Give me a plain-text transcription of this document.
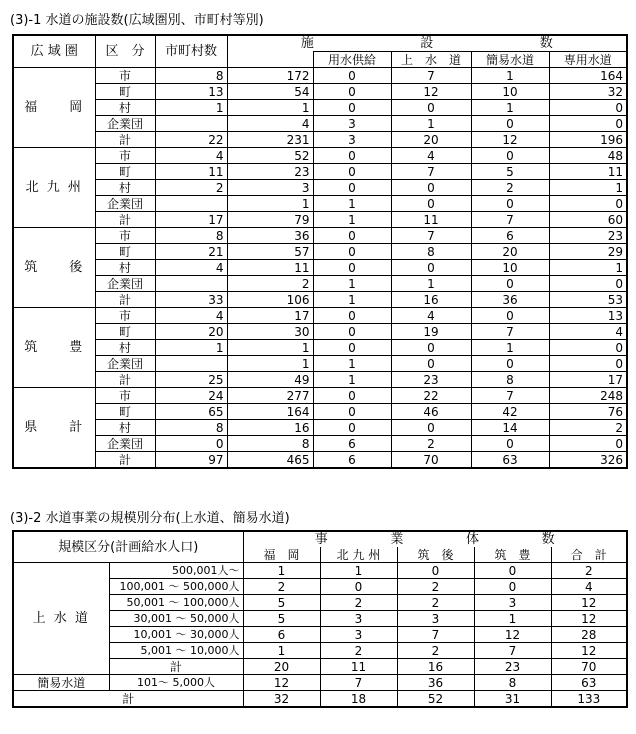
(3)-1 水道の施設数(広域圏別、市町村等別)
広 域 圏	区　分	市町村数	施 設 数				

				用水供給	上　水　道	簡易水道	専用水道
福　　岡	市	8	172	0	7	1	164
	町	13	54	0	12	10	32
	村	1	1	0	0	1	0
	企業団		4	3	1	0	0
	計	22	231	3	20	12	196
北 九 州	市	4	52	0	4	0	48
	町	11	23	0	7	5	11
	村	2	3	0	0	2	1
	企業団		1	1	0	0	0
	計	17	79	1	11	7	60
筑　　後	市	8	36	0	7	6	23
	町	21	57	0	8	20	29
	村	4	11	0	0	10	1
	企業団		2	1	1	0	0
	計	33	106	1	16	36	53
筑　　豊	市	4	17	0	4	0	13
	町	20	30	0	19	7	4
	村	1	1	0	0	1	0
	企業団		1	1	0	0	0
	計	25	49	1	23	8	17
県　　計	市	24	277	0	22	7	248
	町	65	164	0	46	42	76
	村	8	16	0	0	14	2
	企業団	0	8	6	2	0	0
	計	97	465	6	70	63	326
(3)-2 水道事業の規模別分布(上水道、簡易水道)
規模区分(計画給水人口)		事 業 体 数				

		福　岡	北 九 州	筑　後	筑　豊	合　計
上 水 道	500,001人～	1	1	0	0	2
	100,001 ～ 500,000人	2	0	2	0	4
	50,001 ～ 100,000人	5	2	2	3	12
	30,001 ～ 50,000人	5	3	3	1	12
	10,001 ～ 30,000人	6	3	7	12	28
	5,001 ～ 10,000人	1	2	2	7	12
	計	20	11	16	23	70
簡易水道	101～ 5,000人	12	7	36	8	63
計		32	18	52	31	133
